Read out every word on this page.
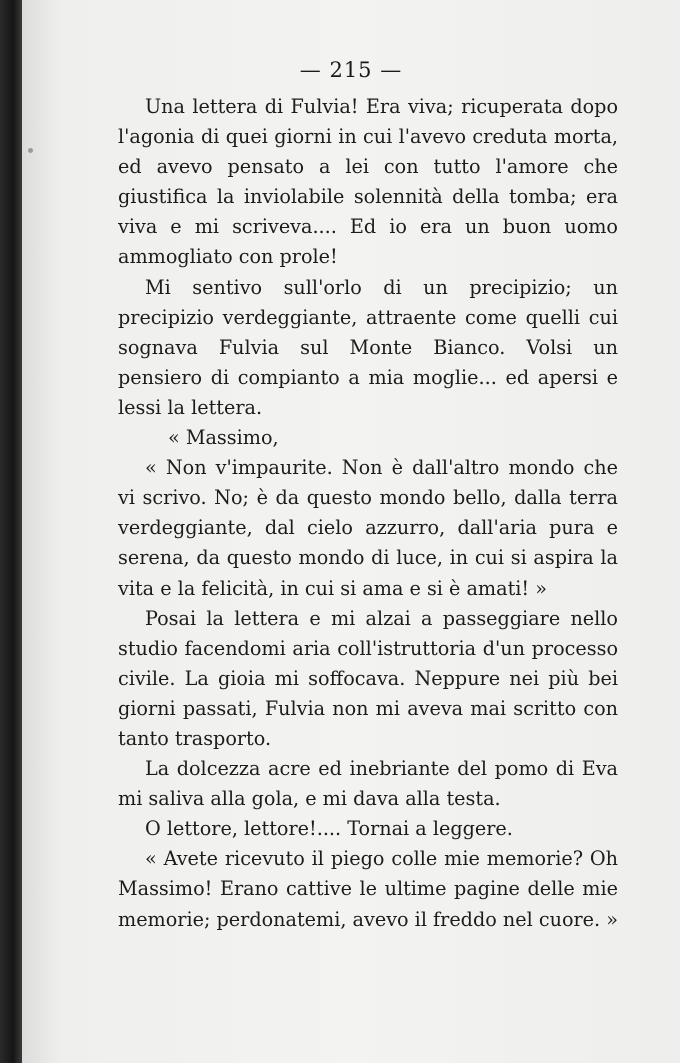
— 215 —

Una lettera di Fulvia! Era viva; ricuperata dopo l'agonia di quei giorni in cui l'avevo creduta morta, ed avevo pensato a lei con tutto l'amore che giustifica la inviolabile solennità della tomba; era viva e mi scriveva.... Ed io era un buon uomo ammogliato con prole!

Mi sentivo sull'orlo di un precipizio; un precipizio verdeggiante, attraente come quelli cui sognava Fulvia sul Monte Bianco. Volsi un pensiero di compianto a mia moglie... ed apersi e lessi la lettera.

« Massimo,

« Non v'impaurite. Non è dall'altro mondo che vi scrivo. No; è da questo mondo bello, dalla terra verdeggiante, dal cielo azzurro, dall'aria pura e serena, da questo mondo di luce, in cui si aspira la vita e la felicità, in cui si ama e si è amati! »

Posai la lettera e mi alzai a passeggiare nello studio facendomi aria coll'istruttoria d'un processo civile. La gioia mi soffocava. Neppure nei più bei giorni passati, Fulvia non mi aveva mai scritto con tanto trasporto.

La dolcezza acre ed inebriante del pomo di Eva mi saliva alla gola, e mi dava alla testa.

O lettore, lettore!.... Tornai a leggere.

« Avete ricevuto il piego colle mie memorie? Oh Massimo! Erano cattive le ultime pagine delle mie memorie; perdonatemi, avevo il freddo nel cuore. »
